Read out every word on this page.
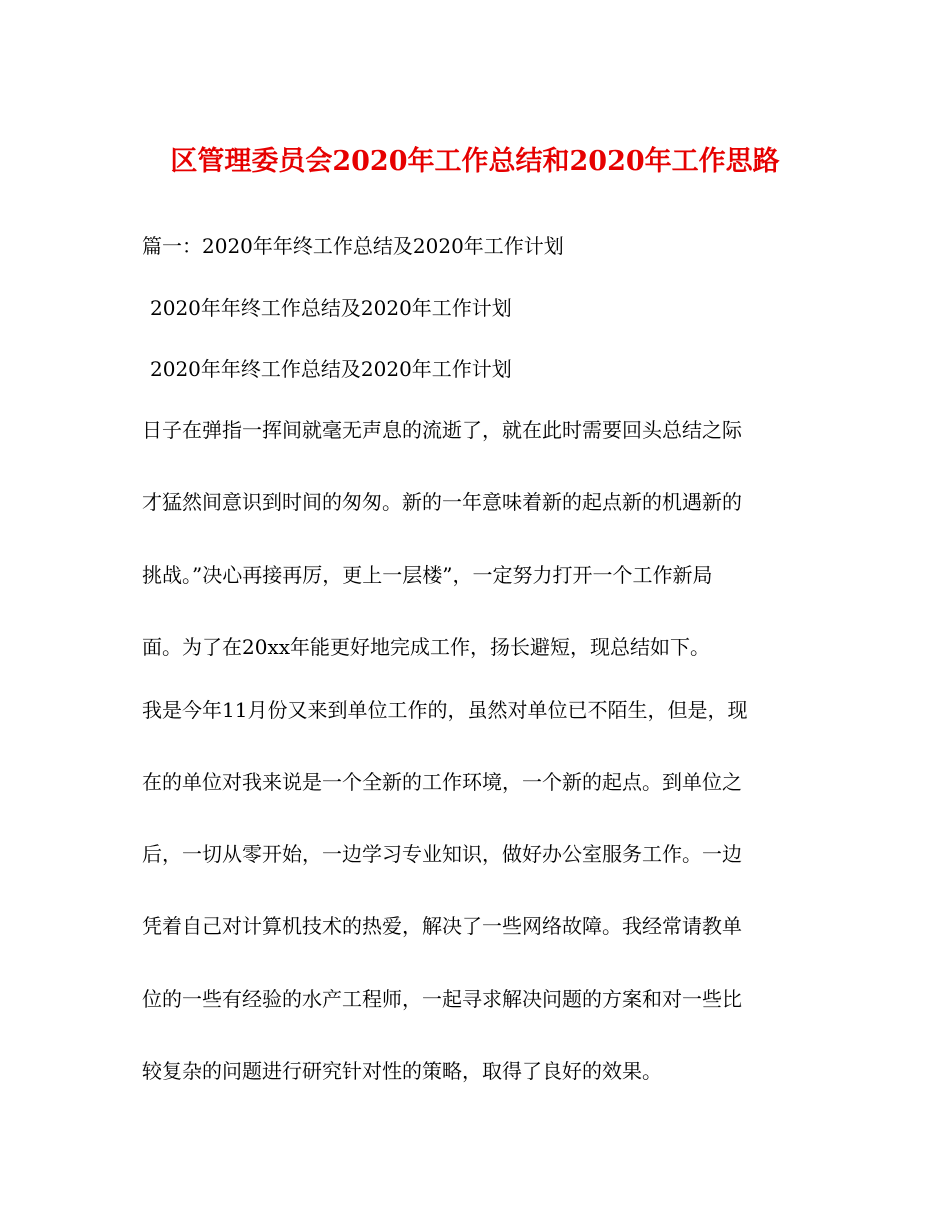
区管理委员会2020年工作总结和2020年工作思路
篇一：2020年年终工作总结及2020年工作计划
2020年年终工作总结及2020年工作计划
2020年年终工作总结及2020年工作计划
日子在弹指一挥间就毫无声息的流逝了，就在此时需要回头总结之际
才猛然间意识到时间的匆匆。新的一年意味着新的起点新的机遇新的
挑战。”决心再接再厉，更上一层楼”，一定努力打开一个工作新局
面。为了在20xx年能更好地完成工作，扬长避短，现总结如下。
我是今年11月份又来到单位工作的，虽然对单位已不陌生，但是，现
在的单位对我来说是一个全新的工作环境，一个新的起点。到单位之
后，一切从零开始，一边学习专业知识，做好办公室服务工作。一边
凭着自己对计算机技术的热爱，解决了一些网络故障。我经常请教单
位的一些有经验的水产工程师，一起寻求解决问题的方案和对一些比
较复杂的问题进行研究针对性的策略，取得了良好的效果。
